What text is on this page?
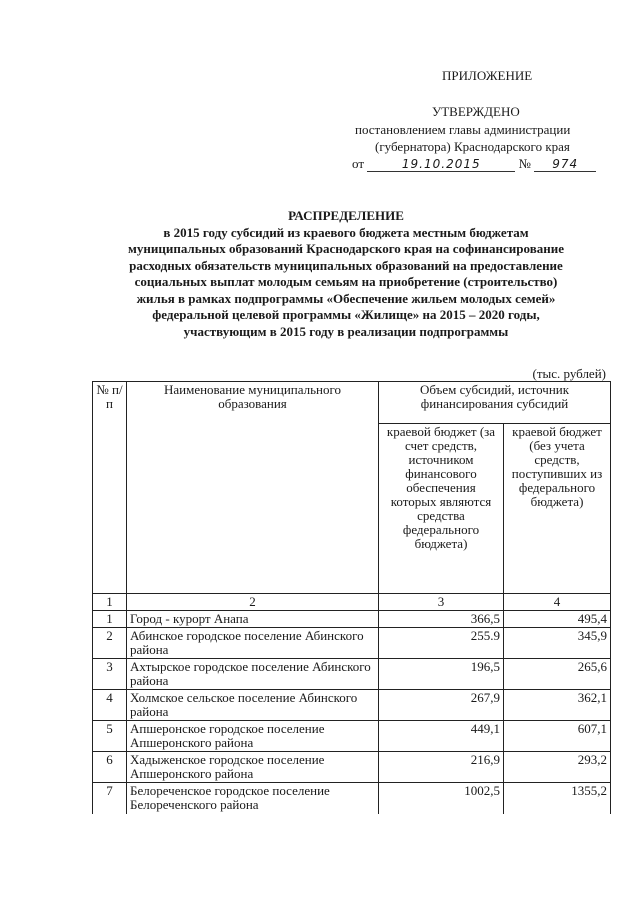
ПРИЛОЖЕНИЕ
УТВЕРЖДЕНО
постановлением главы администрации
(губернатора) Краснодарского края
от	19.10.2015	№ 974
РАСПРЕДЕЛЕНИЕ
в 2015 году субсидий из краевого бюджета местным бюджетам
муниципальных образований Краснодарского края на софинансирование
расходных обязательств муниципальных образований на предоставление
социальных выплат молодым семьям на приобретение (строительство)
жилья в рамках подпрограммы «Обеспечение жильем молодых семей»
федеральной целевой программы «Жилище» на 2015 – 2020 годы,
участвующим в 2015 году в реализации подпрограммы
(тыс. рублей)
№ п/п	Наименование муниципального образования	Объем субсидий, источник финансирования субсидий	
		краевой бюджет (за счет средств, источником финансового обеспечения которых являются средства федерального бюджета)	краевой бюджет (без учета средств, поступивших из федерального бюджета)
1	2	3	4
1	Город - курорт Анапа	366,5	495,4
2	Абинское городское поселение Абинского района	255.9	345,9
3	Ахтырское городское поселение Абинского района	196,5	265,6
4	Холмское сельское поселение Абинского района	267,9	362,1
5	Апшеронское городское поселение Апшеронского района	449,1	607,1
6	Хадыженское городское поселение Апшеронского района	216,9	293,2
7	Белореченское городское поселение Белореченского района	1002,5	1355,2
